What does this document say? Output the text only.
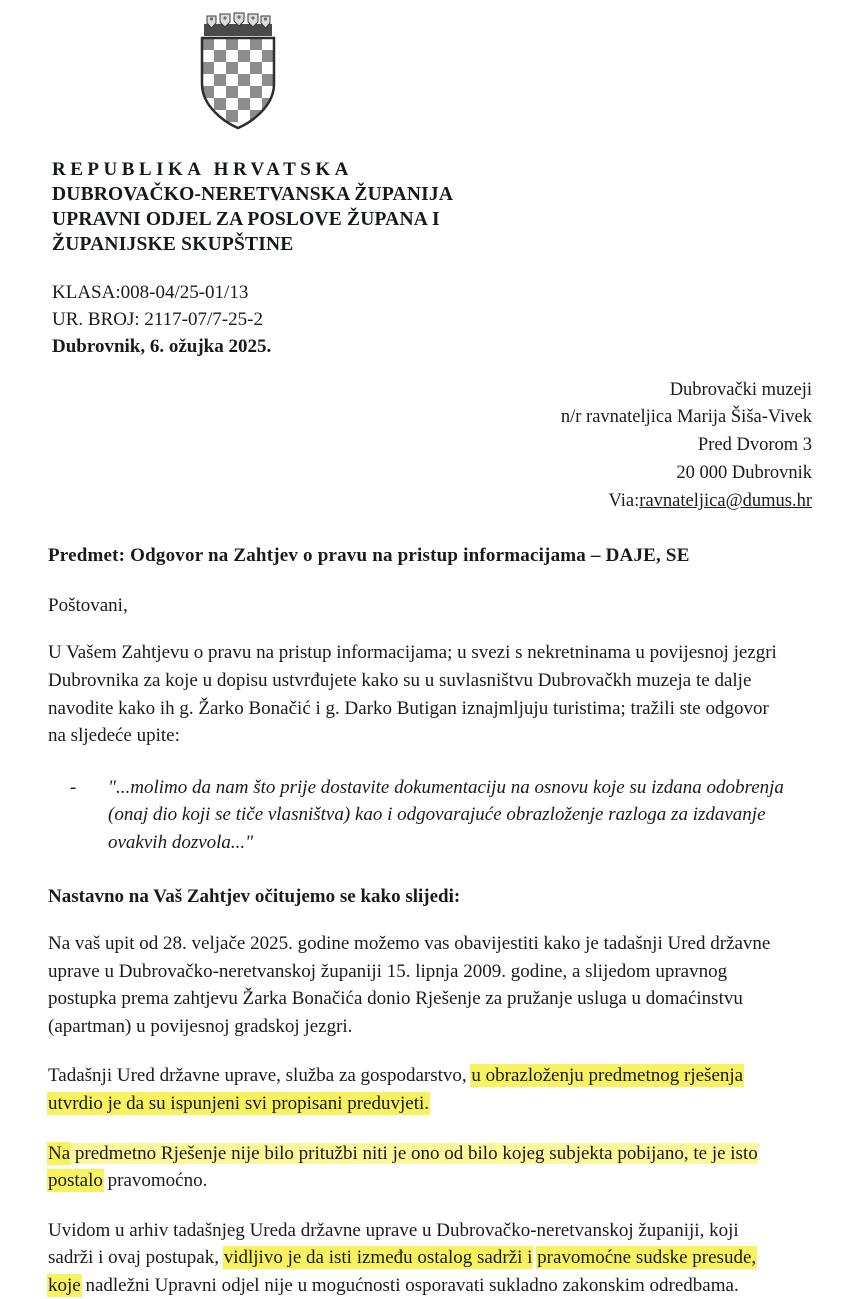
REPUBLIKA HRVATSKA
DUBROVAČKO-NERETVANSKA ŽUPANIJA
UPRAVNI ODJEL ZA POSLOVE ŽUPANA I
ŽUPANIJSKE SKUPŠTINE
KLASA:008-04/25-01/13
UR. BROJ: 2117-07/7-25-2
Dubrovnik, 6. ožujka 2025.
Dubrovački muzeji
n/r ravnateljica Marija Šiša-Vivek
Pred Dvorom 3
20 000 Dubrovnik
Via:ravnateljica@dumus.hr
Predmet: Odgovor na Zahtjev o pravu na pristup informacijama – DAJE, SE
Poštovani,
U Vašem Zahtjevu o pravu na pristup informacijama; u svezi s nekretninama u povijesnoj jezgri Dubrovnika za koje u dopisu ustvrđujete kako su u suvlasništvu Dubrovačkh muzeja te dalje navodite kako ih g. Žarko Bonačić i g. Darko Butigan iznajmljuju turistima; tražili ste odgovor na sljedeće upite:
- "...molimo da nam što prije dostavite dokumentaciju na osnovu koje su izdana odobrenja (onaj dio koji se tiče vlasništva) kao i odgovarajuće obrazloženje razloga za izdavanje ovakvih dozvola..."
Nastavno na Vaš Zahtjev očitujemo se kako slijedi:
Na vaš upit od 28. veljače 2025. godine možemo vas obavijestiti kako je tadašnji Ured državne uprave u Dubrovačko-neretvanskoj županiji 15. lipnja 2009. godine, a slijedom upravnog postupka prema zahtjevu Žarka Bonačića donio Rješenje za pružanje usluga u domaćinstvu (apartman) u povijesnoj gradskoj jezgri.
Tadašnji Ured državne uprave, služba za gospodarstvo, u obrazloženju predmetnog rješenja
utvrdio je da su ispunjeni svi propisani preduvjeti.
Na predmetno Rješenje nije bilo pritužbi niti je ono od bilo kojeg subjekta pobijano, te je isto
postalo pravomoćno.
Uvidom u arhiv tadašnjeg Ureda državne uprave u Dubrovačko-neretvanskoj županiji, koji sadrži i ovaj postupak, vidljivo je da isti između ostalog sadrži i pravomoćne sudske presude,
koje nadležni Upravni odjel nije u mogućnosti osporavati sukladno zakonskim odredbama.
